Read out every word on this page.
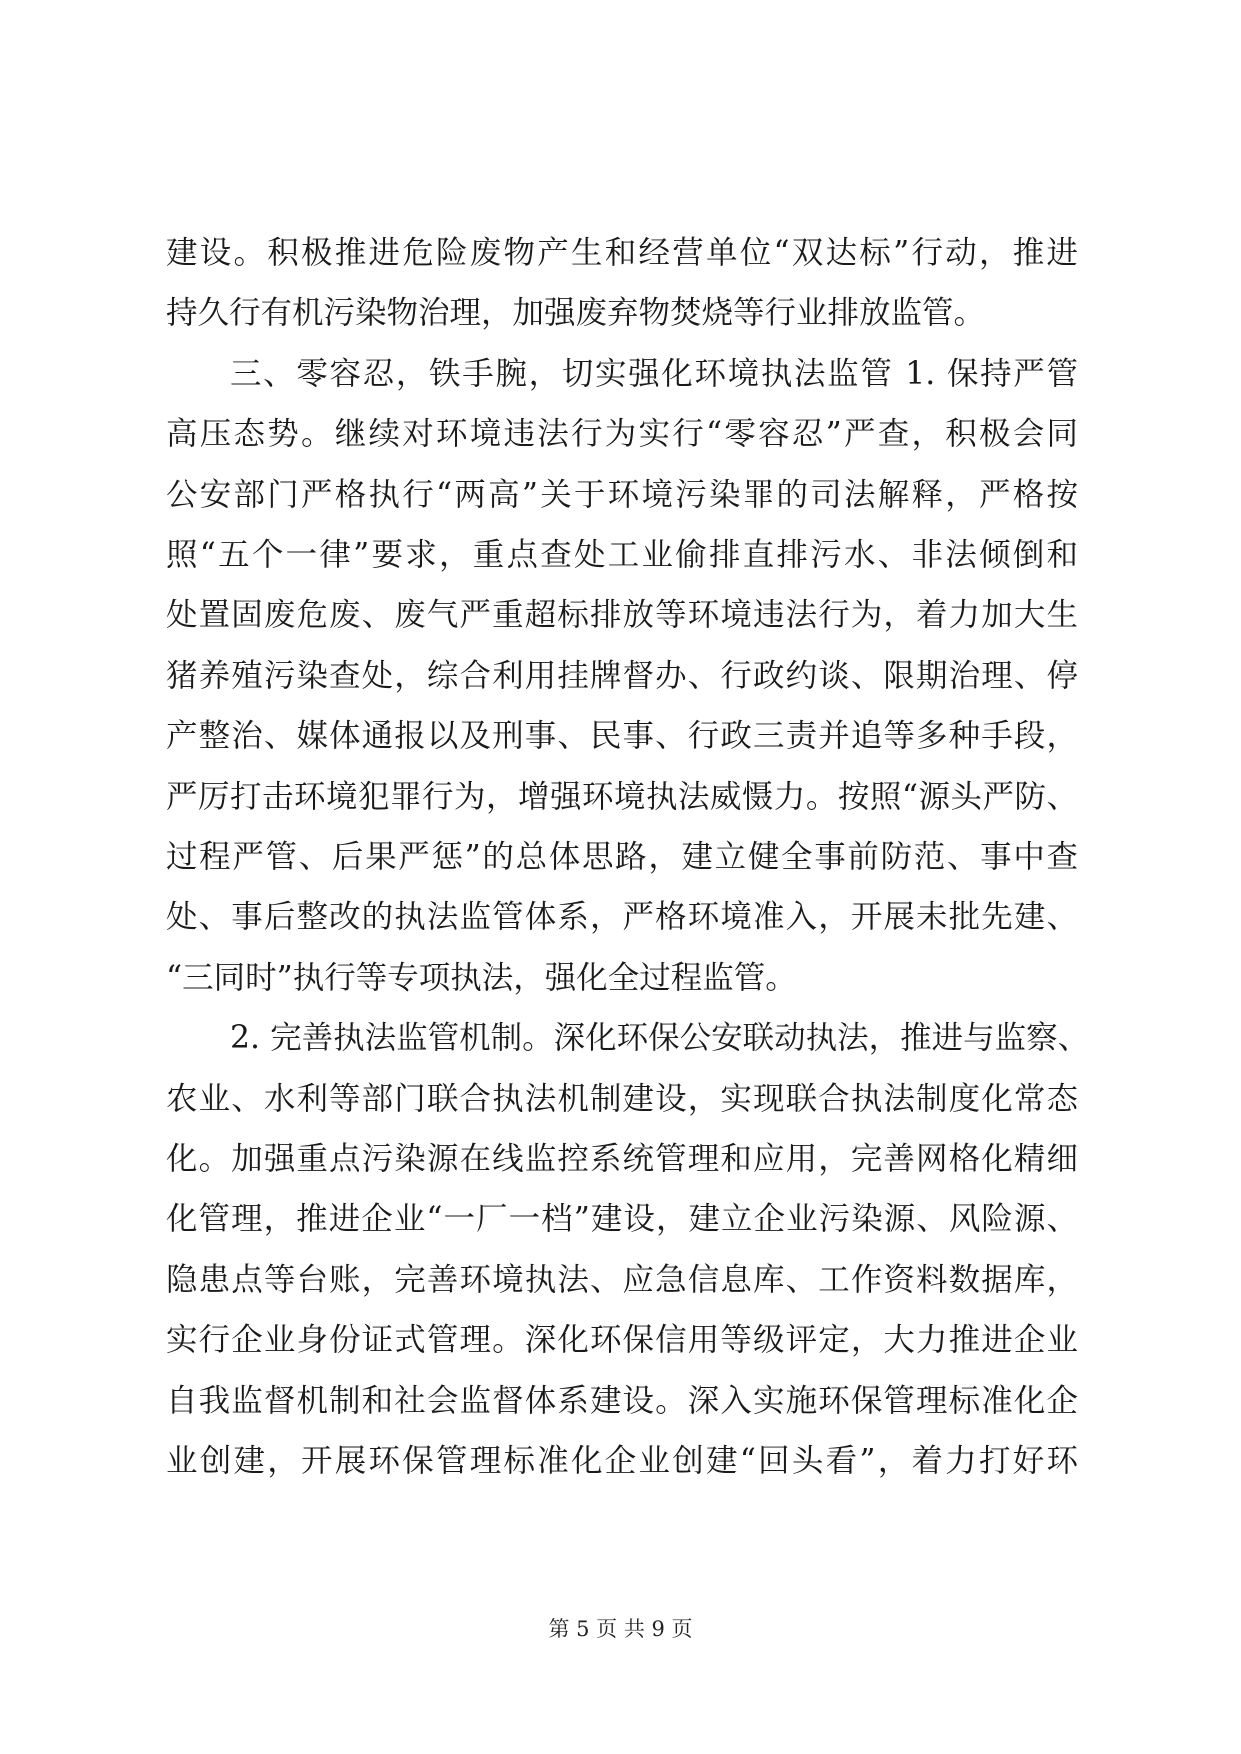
建设。积极推进危险废物产生和经营单位“双达标”行动，推进
持久行有机污染物治理，加强废弃物焚烧等行业排放监管。
三、零容忍，铁手腕，切实强化环境执法监管 1. 保持严管
高压态势。继续对环境违法行为实行“零容忍”严查，积极会同
公安部门严格执行“两高”关于环境污染罪的司法解释，严格按
照“五个一律”要求，重点查处工业偷排直排污水、非法倾倒和
处置固废危废、废气严重超标排放等环境违法行为，着力加大生
猪养殖污染查处，综合利用挂牌督办、行政约谈、限期治理、停
产整治、媒体通报以及刑事、民事、行政三责并追等多种手段，
严厉打击环境犯罪行为，增强环境执法威慑力。按照“源头严防、
过程严管、后果严惩”的总体思路，建立健全事前防范、事中查
处、事后整改的执法监管体系，严格环境准入，开展未批先建、
“三同时”执行等专项执法，强化全过程监管。
2. 完善执法监管机制。深化环保公安联动执法，推进与监察、
农业、水利等部门联合执法机制建设，实现联合执法制度化常态
化。加强重点污染源在线监控系统管理和应用，完善网格化精细
化管理，推进企业“一厂一档”建设，建立企业污染源、风险源、
隐患点等台账，完善环境执法、应急信息库、工作资料数据库，
实行企业身份证式管理。深化环保信用等级评定，大力推进企业
自我监督机制和社会监督体系建设。深入实施环保管理标准化企
业创建，开展环保管理标准化企业创建“回头看”，着力打好环
第 5 页 共 9 页
